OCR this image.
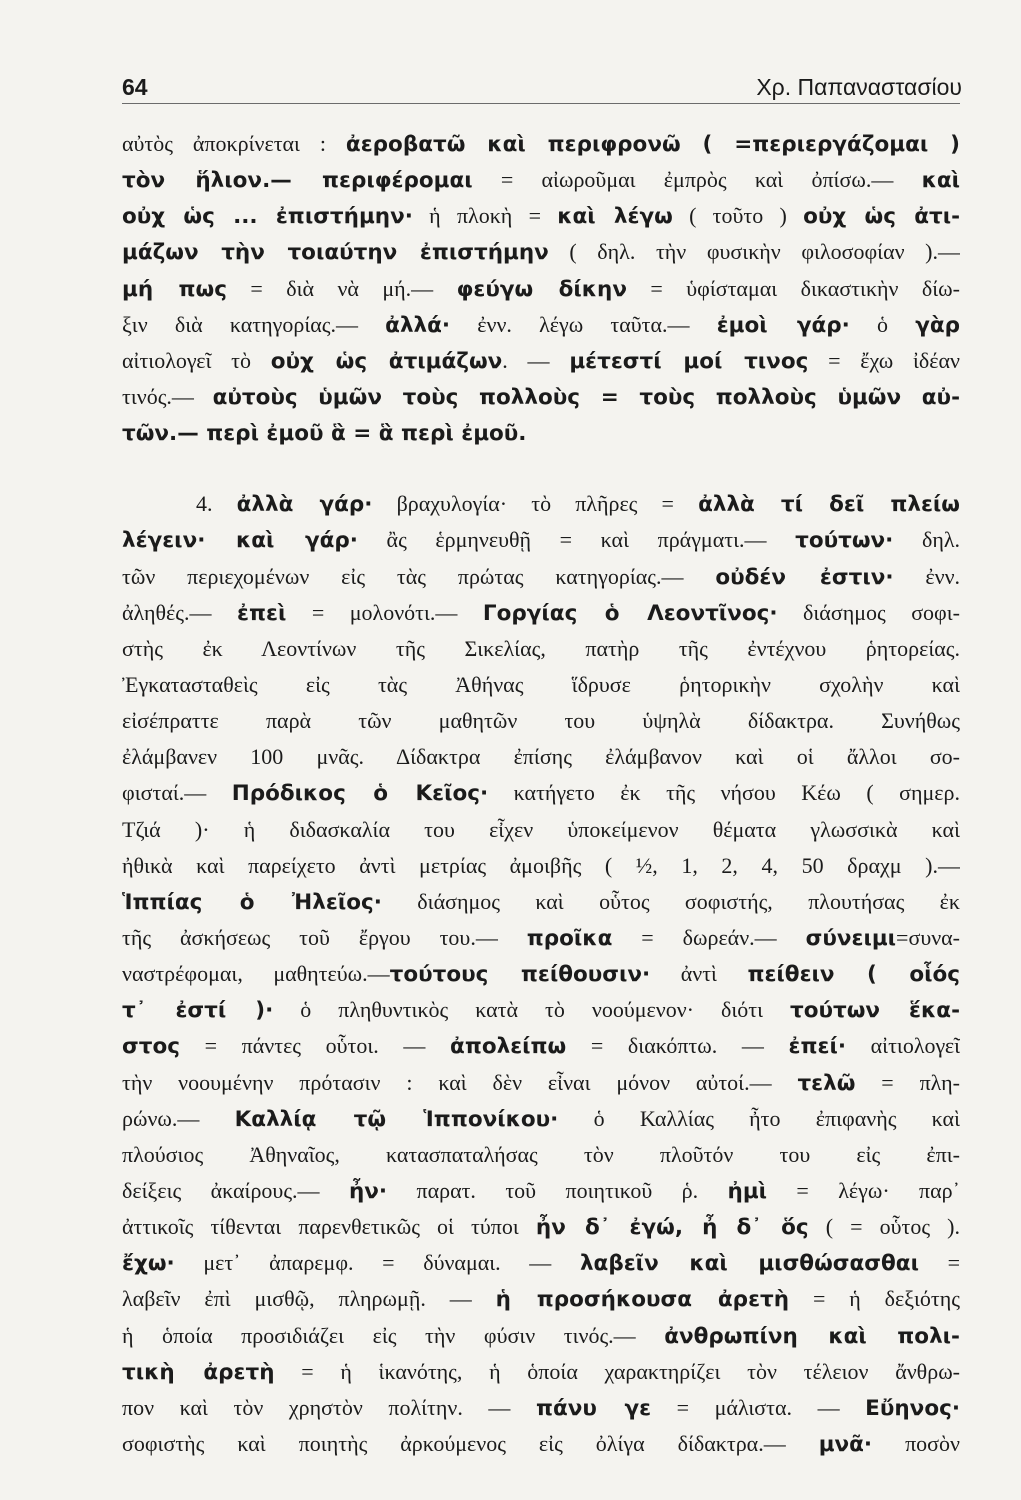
64	Χρ. Παπαναστασίου
αὐτὸς ἀποκρίνεται : ἀεροβατῶ καὶ περιφρονῶ ( =περιεργάζομαι )
τὸν ἥλιον.— περιφέρομαι = αἰωροῦμαι ἐμπρὸς καὶ ὀπίσω.— καὶ
οὐχ ὡς ... ἐπιστήμην· ἡ πλοκὴ = καὶ λέγω ( τοῦτο ) οὐχ ὡς ἀτι-
μάζων τὴν τοιαύτην ἐπιστήμην ( δηλ. τὴν φυσικὴν φιλοσοφίαν ).—
μή πως = διὰ νὰ μή.— φεύγω δίκην = ὑφίσταμαι δικαστικὴν δίω-
ξιν διὰ κατηγορίας.— ἀλλά· ἐνν. λέγω ταῦτα.— ἐμοὶ γάρ· ὁ γὰρ
αἰτιολογεῖ τὸ οὐχ ὡς ἀτιμάζων. — μέτεστί μοί τινος = ἔχω ἰδέαν
τινός.— αὐτοὺς ὑμῶν τοὺς πολλοὺς = τοὺς πολλοὺς ὑμῶν αὐ-
τῶν.— περὶ ἐμοῦ ἃ = ἃ περὶ ἐμοῦ.
4. ἀλλὰ γάρ· βραχυλογία· τὸ πλῆρες = ἀλλὰ τί δεῖ πλείω
λέγειν· καὶ γάρ· ἂς ἑρμηνευθῇ = καὶ πράγματι.— τούτων· δηλ.
τῶν περιεχομένων εἰς τὰς πρώτας κατηγορίας.— οὐδέν ἐστιν· ἐνν.
ἀληθές.— ἐπεὶ = μολονότι.— Γοργίας ὁ Λεοντῖνος· διάσημος σοφι-
στὴς ἐκ Λεοντίνων τῆς Σικελίας, πατὴρ τῆς ἐντέχνου ῥητορείας.
Ἐγκατασταθεὶς εἰς τὰς Ἀθήνας ἵδρυσε ῥητορικὴν σχολὴν καὶ
εἰσέπραττε παρὰ τῶν μαθητῶν του ὑψηλὰ δίδακτρα. Συνήθως
ἐλάμβανεν 100 μνᾶς. Δίδακτρα ἐπίσης ἐλάμβανον καὶ οἱ ἄλλοι σο-
φισταί.— Πρόδικος ὁ Κεῖος· κατήγετο ἐκ τῆς νήσου Κέω ( σημερ.
Τζιά )· ἡ διδασκαλία του εἶχεν ὑποκείμενον θέματα γλωσσικὰ καὶ
ἠθικὰ καὶ παρείχετο ἀντὶ μετρίας ἀμοιβῆς ( ½, 1, 2, 4, 50 δραχμ ).—
Ἱππίας ὁ Ἠλεῖος· διάσημος καὶ οὗτος σοφιστής, πλουτήσας ἐκ
τῆς ἀσκήσεως τοῦ ἔργου του.— προῖκα = δωρεάν.— σύνειμι=συνα-
ναστρέφομαι, μαθητεύω.—τούτους πείθουσιν· ἀντὶ πείθειν ( οἷός
τ᾽ ἐστί )· ὁ πληθυντικὸς κατὰ τὸ νοούμενον· διότι τούτων ἕκα-
στος = πάντες οὗτοι. — ἀπολείπω = διακόπτω. — ἐπεί· αἰτιολογεῖ
τὴν νοουμένην πρότασιν : καὶ δὲν εἶναι μόνον αὐτοί.— τελῶ = πλη-
ρώνω.— Καλλίᾳ τῷ Ἱππονίκου· ὁ Καλλίας ἦτο ἐπιφανὴς καὶ
πλούσιος Ἀθηναῖος, κατασπαταλήσας τὸν πλοῦτόν του εἰς ἐπι-
δείξεις ἀκαίρους.— ἦν· παρατ. τοῦ ποιητικοῦ ῥ. ἠμὶ = λέγω· παρ᾽
ἀττικοῖς τίθενται παρενθετικῶς οἱ τύποι ἦν δ᾽ ἐγώ, ἦ δ᾽ ὅς ( = οὗτος ).
ἔχω· μετ᾽ ἀπαρεμφ. = δύναμαι. — λαβεῖν καὶ μισθώσασθαι =
λαβεῖν ἐπὶ μισθῷ, πληρωμῇ. — ἡ προσήκουσα ἀρετὴ = ἡ δεξιότης
ἡ ὁποία προσιδιάζει εἰς τὴν φύσιν τινός.— ἀνθρωπίνη καὶ πολι-
τικὴ ἀρετὴ = ἡ ἱκανότης, ἡ ὁποία χαρακτηρίζει τὸν τέλειον ἄνθρω-
πον καὶ τὸν χρηστὸν πολίτην. — πάνυ γε = μάλιστα. — Εὔηνος·
σοφιστὴς καὶ ποιητὴς ἀρκούμενος εἰς ὀλίγα δίδακτρα.— μνᾶ· ποσὸν
